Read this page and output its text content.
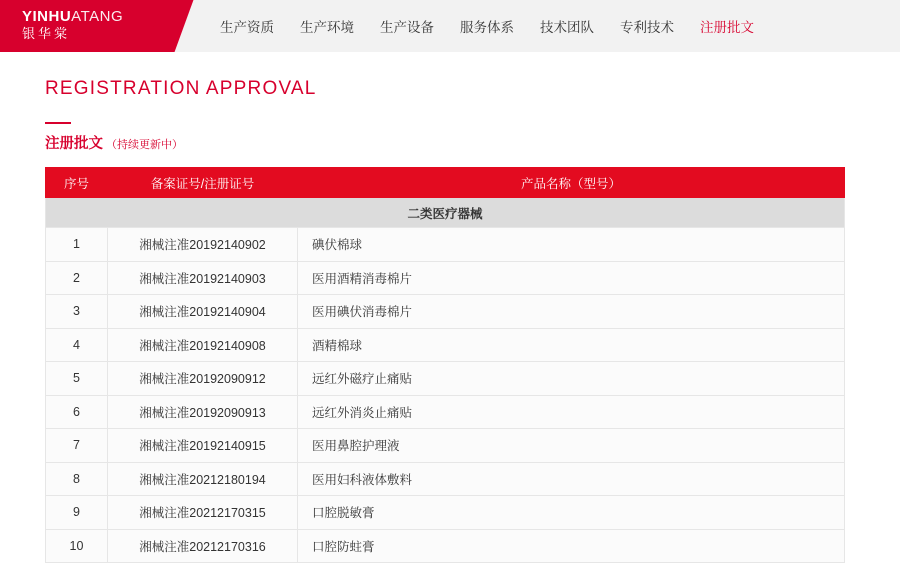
YINHUATANG
银华棠	生产资质 生产环境 生产设备 服务体系 技术团队 专利技术 注册批文
REGISTRATION APPROVAL
注册批文 （持续更新中）
序号	备案证号/注册证号	产品名称（型号）
二类医疗器械		
1	湘械注准20192140902	碘伏棉球
2	湘械注准20192140903	医用酒精消毒棉片
3	湘械注准20192140904	医用碘伏消毒棉片
4	湘械注准20192140908	酒精棉球
5	湘械注准20192090912	远红外磁疗止痛贴
6	湘械注准20192090913	远红外消炎止痛贴
7	湘械注准20192140915	医用鼻腔护理液
8	湘械注准20212180194	医用妇科液体敷料
9	湘械注准20212170315	口腔脱敏膏
10	湘械注准20212170316	口腔防蛀膏
